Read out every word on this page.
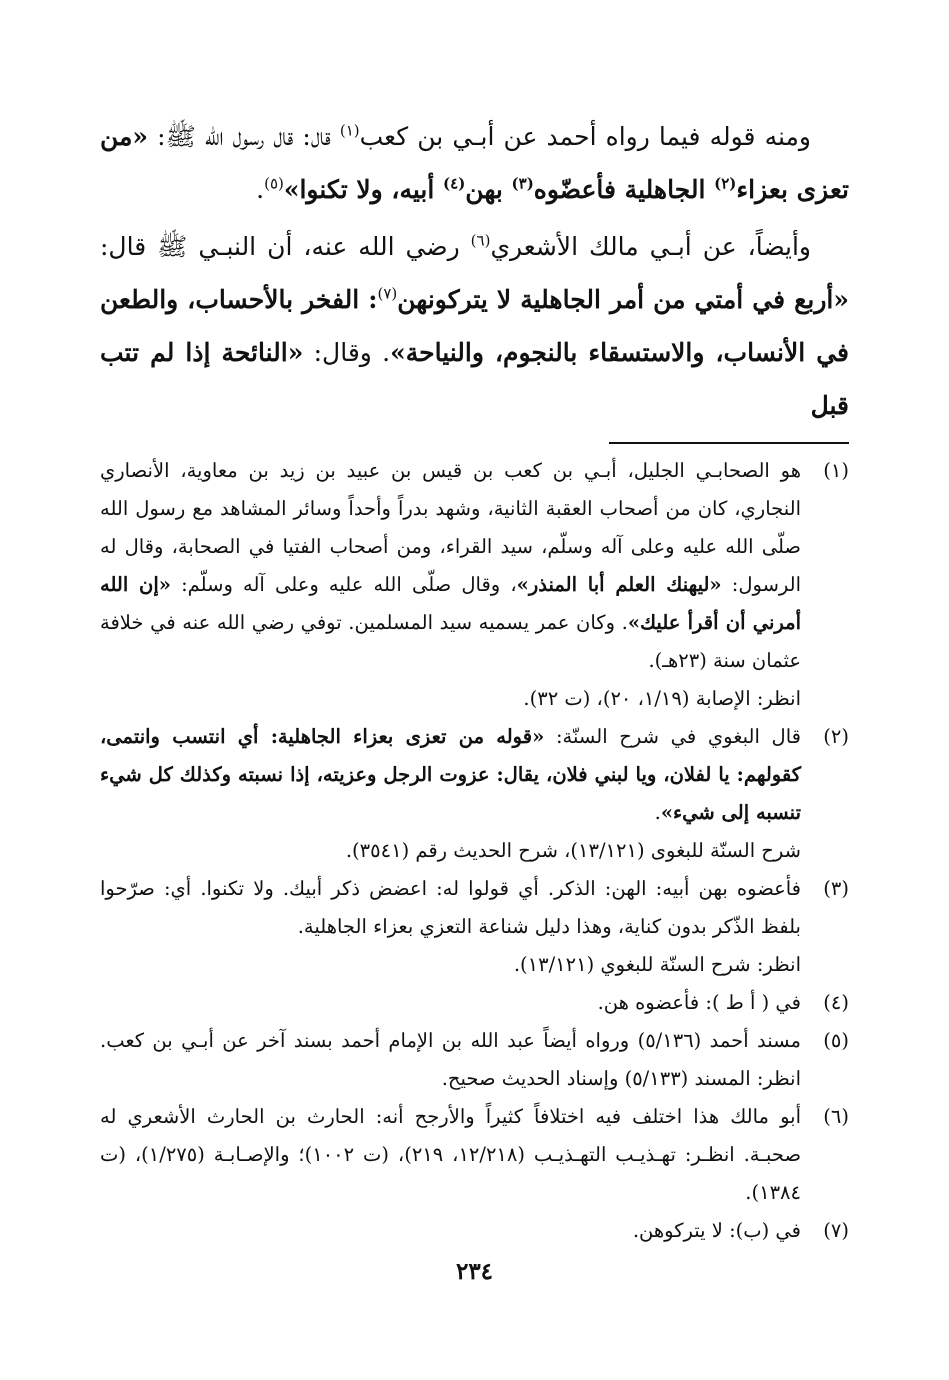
ومنه قوله فيما رواه أحمد عن أبـي بن كعب$^{(١)}$ قال: قال رسول الله ﷺ: «من تعزى بعزاء$^{(٢)}$ الجاهلية فأعضّوه$^{(٣)}$ بهن$^{(٤)}$ أبيه، ولا تكنوا»$^{(٥)}$.

وأيضاً، عن أبـي مالك الأشعري$^{(٦)}$ رضي الله عنه، أن النبـي ﷺ قال: «أربع في أمتي من أمر الجاهلية لا يتركونهن$^{(٧)}$: الفخر بالأحساب، والطعن في الأنساب، والاستسقاء بالنجوم، والنياحة». وقال: «النائحة إذا لم تتب قبل

(١)
هو الصحابـي الجليل، أبـي بن كعب بن قيس بن عبيد بن زيد بن معاوية، الأنصاري النجاري، كان من أصحاب العقبة الثانية، وشهد بدراً وأحداً وسائر المشاهد مع رسول الله صلّى الله عليه وعلى آله وسلّم، سيد القراء، ومن أصحاب الفتيا في الصحابة، وقال له الرسول: «ليهنك العلم أبا المنذر»، وقال صلّى الله عليه وعلى آله وسلّم: «إن الله أمرني أن أقرأ عليك». وكان عمر يسميه سيد المسلمين. توفي رضي الله عنه في خلافة عثمان سنة (٢٣هـ).
انظر: الإصابة (١/١٩، ٢٠)، (ت ٣٢).
(٢)
قال البغوي في شرح السنّة: «قوله من تعزى بعزاء الجاهلية: أي انتسب وانتمى، كقولهم: يا لفلان، ويا لبني فلان، يقال: عزوت الرجل وعزيته، إذا نسبته وكذلك كل شيء تنسبه إلى شيء».
شرح السنّة للبغوى (١٣/١٢١)، شرح الحديث رقم (٣٥٤١).
(٣)
فأعضوه بهن أبيه: الهن: الذكر. أي قولوا له: اعضض ذكر أبيك. ولا تكنوا. أي: صرّحوا بلفظ الذّكر بدون كناية، وهذا دليل شناعة التعزي بعزاء الجاهلية.
انظر: شرح السنّة للبغوي (١٣/١٢١).
(٤)
في ( أ ط ): فأعضوه هن.
(٥)
مسند أحمد (٥/١٣٦) ورواه أيضاً عبد الله بن الإمام أحمد بسند آخر عن أبـي بن كعب. انظر: المسند (٥/١٣٣) وإسناد الحديث صحيح.
(٦)
أبو مالك هذا اختلف فيه اختلافاً كثيراً والأرجح أنه: الحارث بن الحارث الأشعري له صحبـة. انظـر: تهـذيـب التهـذيـب (١٢/٢١٨، ٢١٩)، (ت ١٠٠٢)؛ والإصـابـة (١/٢٧٥)، (ت ١٣٨٤).
(٧)
في (ب): لا يتركوهن.
٢٣٤
